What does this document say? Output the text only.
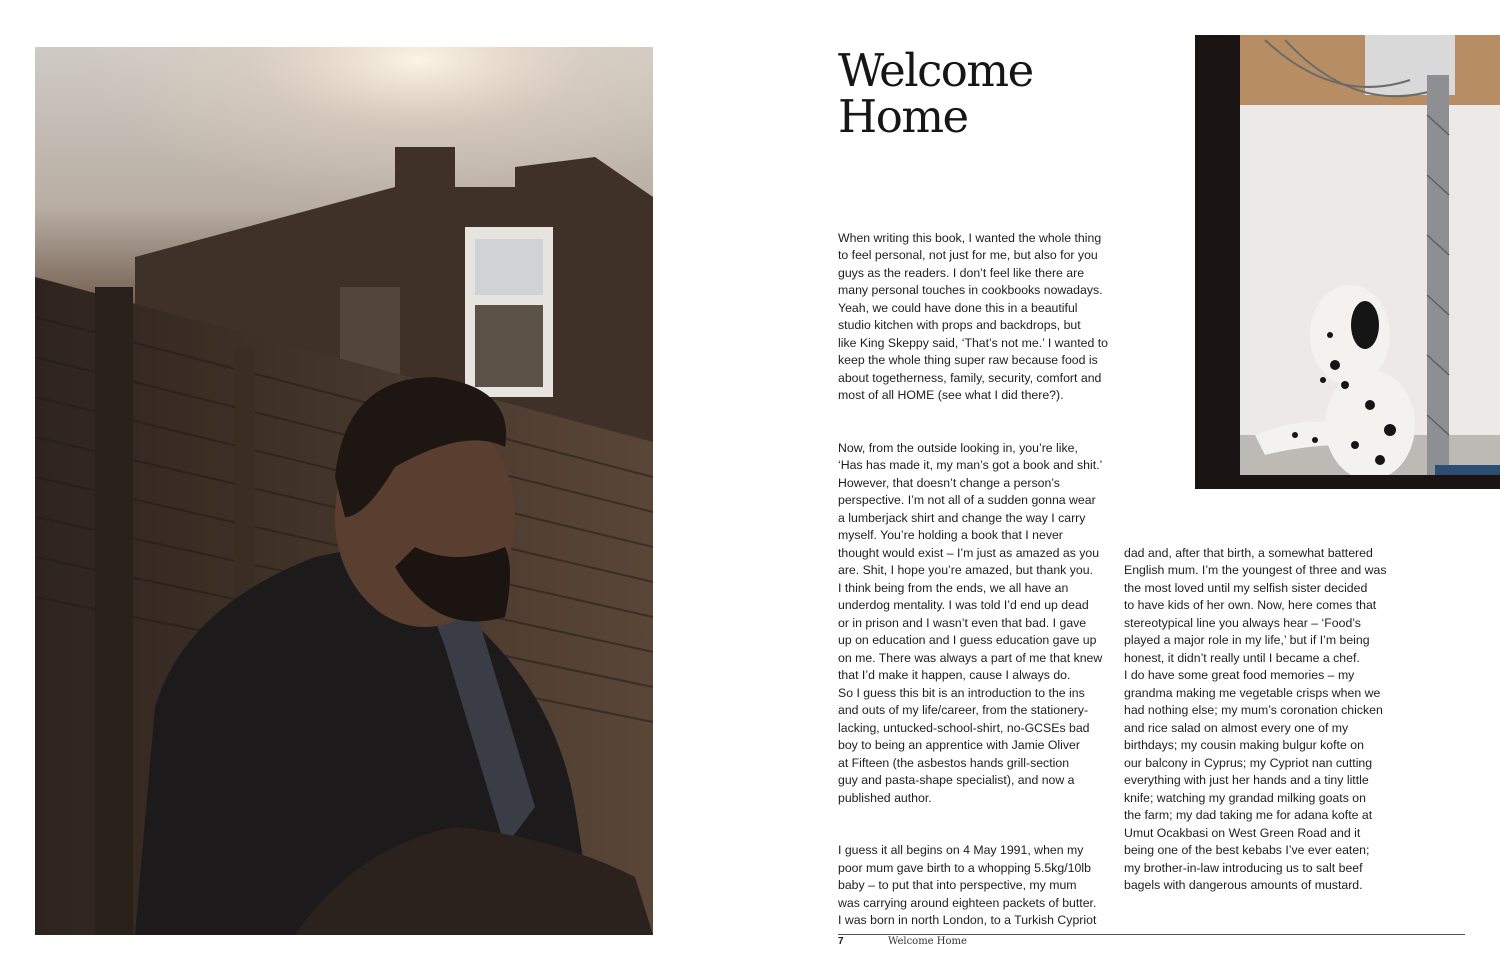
Welcome
Home

When writing this book, I wanted the whole thing
to feel personal, not just for me, but also for you
guys as the readers. I don’t feel like there are
many personal touches in cookbooks nowadays.
Yeah, we could have done this in a beautiful
studio kitchen with props and backdrops, but
like King Skeppy said, ‘That’s not me.’ I wanted to
keep the whole thing super raw because food is
about togetherness, family, security, comfort and
most of all HOME (see what I did there?).

Now, from the outside looking in, you’re like,
‘Has has made it, my man’s got a book and shit.’
However, that doesn’t change a person’s
perspective. I’m not all of a sudden gonna wear
a lumberjack shirt and change the way I carry
myself. You’re holding a book that I never
thought would exist – I’m just as amazed as you
are. Shit, I hope you’re amazed, but thank you.
I think being from the ends, we all have an
underdog mentality. I was told I’d end up dead
or in prison and I wasn’t even that bad. I gave
up on education and I guess education gave up
on me. There was always a part of me that knew
that I’d make it happen, cause I always do.
So I guess this bit is an introduction to the ins
and outs of my life/career, from the stationery-
lacking, untucked-school-shirt, no-GCSEs bad
boy to being an apprentice with Jamie Oliver
at Fifteen (the asbestos hands grill-section
guy and pasta-shape specialist), and now a
published author.

I guess it all begins on 4 May 1991, when my
poor mum gave birth to a whopping 5.5kg/10lb
baby – to put that into perspective, my mum
was carrying around eighteen packets of butter.
I was born in north London, to a Turkish Cypriot

dad and, after that birth, a somewhat battered
English mum. I’m the youngest of three and was
the most loved until my selfish sister decided
to have kids of her own. Now, here comes that
stereotypical line you always hear – ‘Food’s
played a major role in my life,’ but if I’m being
honest, it didn’t really until I became a chef.
I do have some great food memories – my
grandma making me vegetable crisps when we
had nothing else; my mum’s coronation chicken
and rice salad on almost every one of my
birthdays; my cousin making bulgur kofte on
our balcony in Cyprus; my Cypriot nan cutting
everything with just her hands and a tiny little
knife; watching my grandad milking goats on
the farm; my dad taking me for adana kofte at
Umut Ocakbasi on West Green Road and it
being one of the best kebabs I’ve ever eaten;
my brother-in-law introducing us to salt beef
bagels with dangerous amounts of mustard.

7	Welcome Home
